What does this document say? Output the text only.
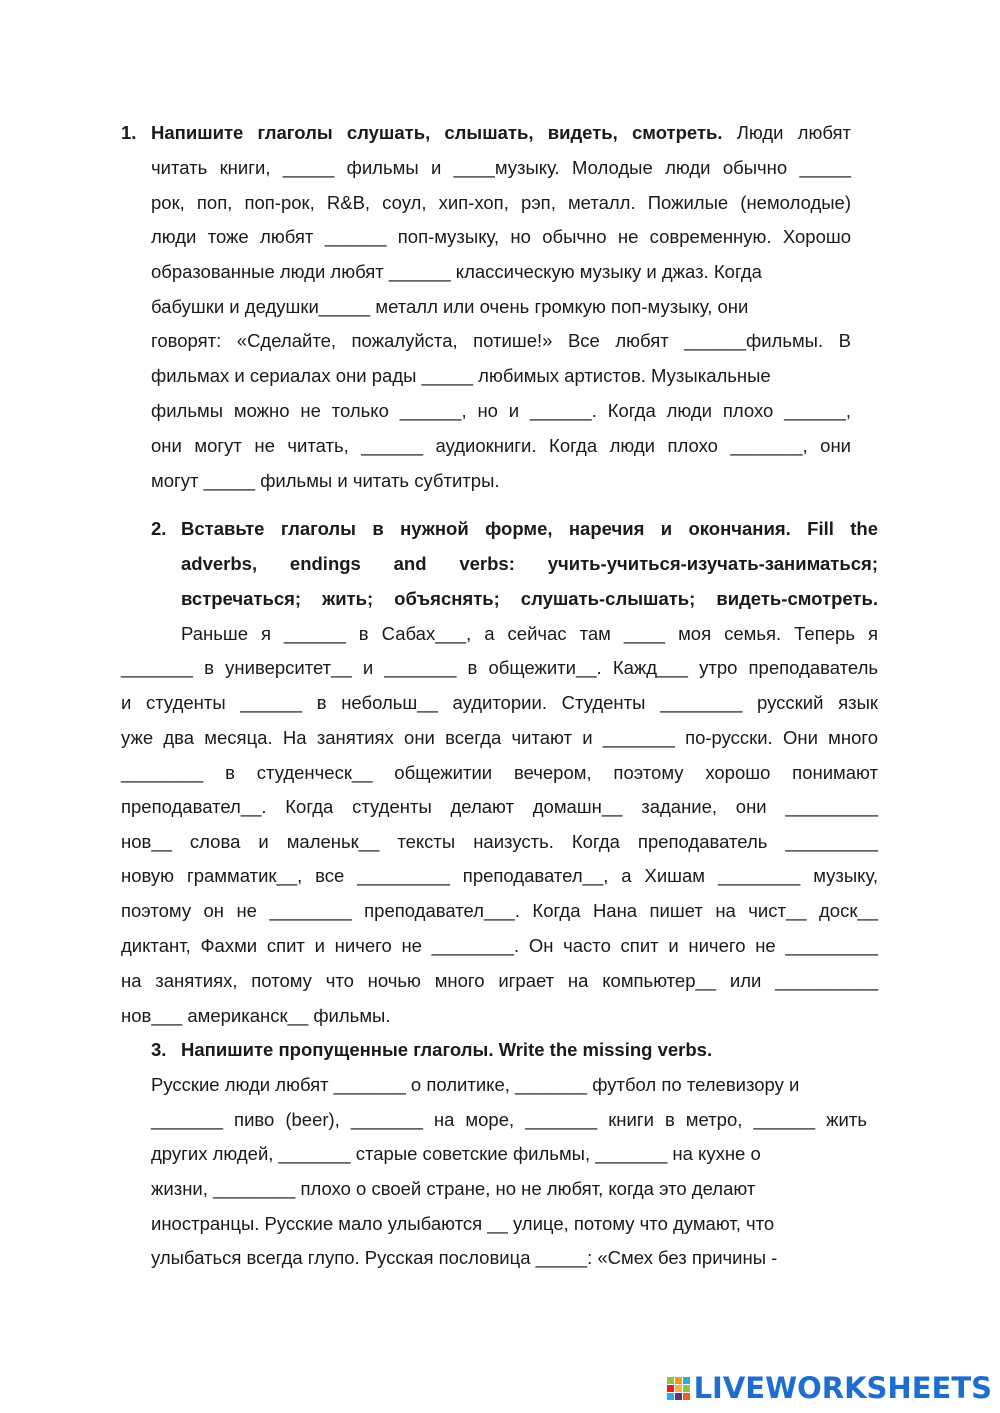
1. Напишите глаголы слушать, слышать, видеть, смотреть. Люди любят

читать книги, _____ фильмы и ____музыку. Молодые люди обычно _____

рок, поп, поп-рок, R&B, соул, хип-хоп, рэп, металл. Пожилые (немолодые)

люди тоже любят ______ поп-музыку, но обычно не современную. Хорошо

образованные люди любят ______ классическую музыку и джаз. Когда

бабушки и дедушки_____ металл или очень громкую поп-музыку, они

говорят: «Сделайте, пожалуйста, потише!» Все любят ______фильмы. В

фильмах и сериалах они рады _____ любимых артистов. Музыкальные

фильмы можно не только ______, но и ______. Когда люди плохо ______,

они могут не читать, ______ аудиокниги. Когда люди плохо _______, они

могут _____ фильмы и читать субтитры.

2. Вставьте глаголы в нужной форме, наречия и окончания. Fill the

adverbs, endings and verbs: учить-учиться-изучать-заниматься;

встречаться; жить; объяснять; слушать-слышать; видеть-смотреть.

Раньше я ______ в Сабах___, а сейчас там ____ моя семья. Теперь я

_______ в университет__ и _______ в общежити__. Кажд___ утро преподаватель

и студенты ______ в небольш__ аудитории. Студенты ________ русский язык

уже два месяца. На занятиях они всегда читают и _______ по-русски. Они много

________ в студенческ__ общежитии вечером, поэтому хорошо понимают

преподавател__. Когда студенты делают домашн__ задание, они _________

нов__ слова и маленьк__ тексты наизусть. Когда преподаватель _________

новую грамматик__, все _________ преподавател__, а Хишам ________ музыку,

поэтому он не ________ преподавател___. Когда Нана пишет на чист__ доск__

диктант, Фахми спит и ничего не ________. Он часто спит и ничего не _________

на занятиях, потому что ночью много играет на компьютер__ или __________

нов___ американск__ фильмы.

3. Напишите пропущенные глаголы. Write the missing verbs.

Русские люди любят _______ о политике, _______ футбол по телевизору и

_______ пиво (beer), _______ на море, _______ книги в метро, ______ жить

других людей, _______ старые советские фильмы, _______ на кухне о

жизни, ________ плохо о своей стране, но не любят, когда это делают

иностранцы. Русские мало улыбаются __ улице, потому что думают, что

улыбаться всегда глупо. Русская пословица _____: «Смех без причины -

LIVEWORKSHEETS
